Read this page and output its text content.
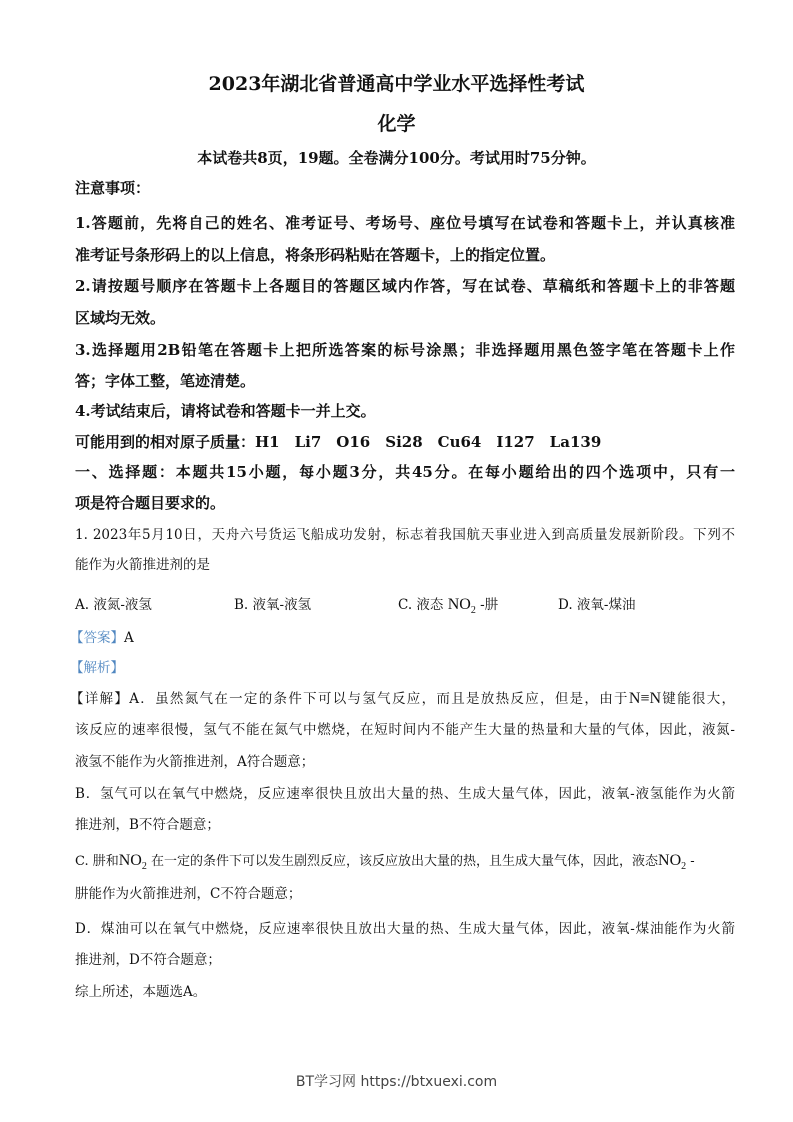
2023年湖北省普通高中学业水平选择性考试
化学
本试卷共8页，19题。全卷满分100分。考试用时75分钟。
注意事项：
1.答题前，先将自己的姓名、准考证号、考场号、座位号填写在试卷和答题卡上，并认真核准
准考证号条形码上的以上信息，将条形码粘贴在答题卡，上的指定位置。
2.请按题号顺序在答题卡上各题目的答题区域内作答，写在试卷、草稿纸和答题卡上的非答题
区域均无效。
3.选择题用2B铅笔在答题卡上把所选答案的标号涂黑；非选择题用黑色签字笔在答题卡上作
答；字体工整，笔迹清楚。
4.考试结束后，请将试卷和答题卡一并上交。
可能用到的相对原子质量：H1　Li7　O16　Si28　Cu64　I127　La139
一、选择题：本题共15小题，每小题3分，共45分。在每小题给出的四个选项中，只有一
项是符合题目要求的。
1. 2023年5月10日，天舟六号货运飞船成功发射，标志着我国航天事业进入到高质量发展新阶段。下列不
能作为火箭推进剂的是
A. 液氮-液氢	B. 液氧-液氢	C. 液态 $NO_2$ -肼	D. 液氧-煤油
【答案】A
【解析】
【详解】A．虽然氮气在一定的条件下可以与氢气反应，而且是放热反应，但是，由于N≡N键能很大，
该反应的速率很慢，氢气不能在氮气中燃烧，在短时间内不能产生大量的热量和大量的气体，因此，液氮-
液氢不能作为火箭推进剂，A符合题意；
B．氢气可以在氧气中燃烧，反应速率很快且放出大量的热、生成大量气体，因此，液氧-液氢能作为火箭
推进剂，B不符合题意；
C. 肼和$NO_2$ 在一定的条件下可以发生剧烈反应，该反应放出大量的热，且生成大量气体，因此，液态$NO_2$ -
肼能作为火箭推进剂，C不符合题意；
D．煤油可以在氧气中燃烧，反应速率很快且放出大量的热、生成大量气体，因此，液氧-煤油能作为火箭
推进剂，D不符合题意；
综上所述，本题选A。
BT学习网 https://btxuexi.com
